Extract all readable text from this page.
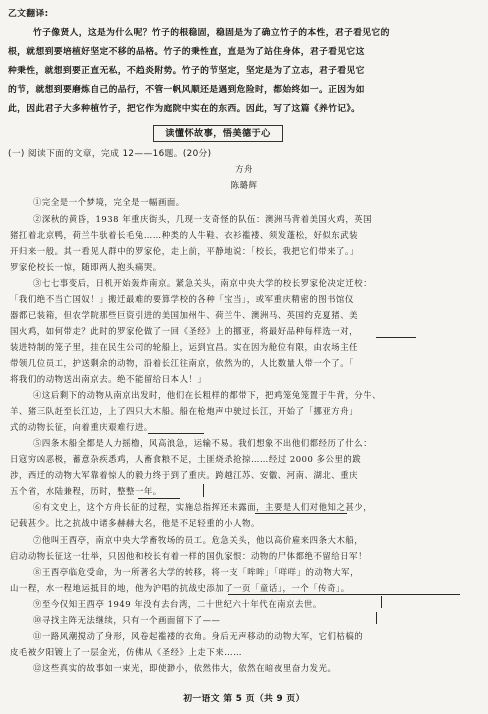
乙文翻译:
竹子像贤人，这是为什么呢？竹子的根稳固，稳固是为了确立竹子的本性，君子看见它的
根，就想到要培植好坚定不移的品格。竹子的秉性直，直是为了站住身体，君子看见它这
种秉性，就想到要正直无私，不趋炎附势。竹子的节坚定，坚定是为了立志，君子看见它
的节，就想到要磨炼自己的品行，不管一帆风顺还是遇到危险时，都始终如一。正因为如
此，因此君子大多种植竹子，把它作为庭院中实在的东西。因此，写了这篇《养竹记》。
读懂怀故事，悟美德于心
(一) 阅读下面的文章，完成 12——16题。(20分)
方舟
陈璐辉
①完全是一个梦境，完全是一幅画面。
②深秋的黄昏，1938 年重庆街头，几现一支奇怪的队伍：澳洲马背着美国火鸡，英国
猪扛着北京鸭，荷兰牛驮着长毛兔……种类的人牛鞋、衣衫褴褛、须发蓬松，好似东武装
开归来一般。其一看见人群中的罗家伦，走上前，平静地说：「校长，我把它们带来了。」
罗家伦校长一惊，随即两人抱头痛哭。
③七七事变后，日机开始轰炸南京。紧急关头，南京中央大学的校长罗家伦决定迁校：
「我们绝不当亡国奴！」搬迁最难的要算学校的各种「宝当」，或军重庆精密的图书馆仪
器都已装箱，但农学院那些巨资引进的美国加州牛、荷兰牛、澳洲马、英国约克夏猪、美
国火鸡，如何带走？此时的罗家伦做了一回《圣经》上的挪亚，将最好品种每样选一对，
装进特制的笼子里，挂在民生公司的轮船上，运到宜昌。实在因为舱位有限，由农场主任
带领几位员工，护送剩余的动物，沿着长江往南京，依然为的，人比数量人带一个了。「
将我们的动物送出南京去。绝不能留给日本人！」
④这后剩下的动物从南京出发时，他们在长粗样的都带下，把鸡笼兔笼置于牛背，分牛、
羊、猪三队赶至长江边，上了四只大木船。船在枪炮声中驶过长江，开始了「挪亚方舟」
式的动物长征，向着重庆艰难行进。
⑤四条木船全都是人力摇橹，风高浪急，运输不易。我们想象不出他们都经历了什么：
日寇穷凶恶极，蓄意杂疾悉鸡，人畜食粮不足，土匪烧杀抢掠……经过 2000 多公里的跋
涉，西迁的动物大军靠着惊人的毅力终于到了重庆。跨越江苏、安徽、河南、湖北、重庆
五个省，水陆兼程，历时，整整一年。
⑥有文史上，这个方舟长征的过程，实施总指挥还未露面，主要是人们对他知之甚少，
记载甚少。比之抗战中诸多赫赫大名，他是不足轻重的小人物。
⑦他叫王酉亭，南京中央大学畜牧场的员工。危急关头，他以高价雇来四条大木船，
启动动物长征这一壮举，只因他和校长有着一样的国仇家恨：动物的尸体都绝不留给日军！
⑧王酉亭临危受命，为一所著名大学的转移，将一支「哞哞」「咩咩」的动物大军，
山一程，水一程地运抵目的地，他为沪唱的抗战史添加了一页「童话」，一个「传奇」。
⑨至今仅知王酉亭 1949 年没有去台湾，二十世纪六十年代在南京去世。
⑩寻找主阵无法继续，只有一个画面留下了——
⑪一路风潮搅动了身形，风卷起褴褛的衣角。身后无声移动的动物大军，它们枯槁的
皮毛被夕阳镀上了一层金光，仿佛从《圣经》上走下来……
⑫这些真实的故事如一束光，即使渺小，依然伟大，依然在暗夜里奋力发光。
初一语文 第 5 页（共 9 页）
